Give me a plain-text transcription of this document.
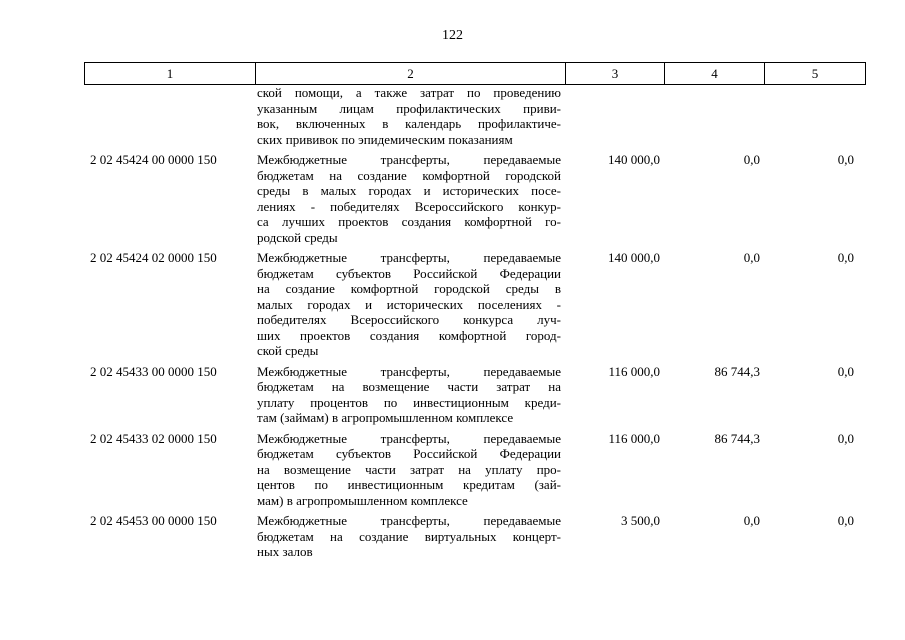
122
1	2	3	4	5
ской помощи, а также затрат по проведению
указанным лицам профилактических приви-
вок, включенных в календарь профилактиче-
ских прививок по эпидемическим показаниям
2 02 45424 00 0000 150	Межбюджетные трансферты, передаваемые
бюджетам на создание комфортной городской
среды в малых городах и исторических посе-
лениях - победителях Всероссийского конкур-
са лучших проектов создания комфортной го-
родской среды
140 000,0	0,0	0,0
2 02 45424 02 0000 150	Межбюджетные трансферты, передаваемые
бюджетам субъектов Российской Федерации
на создание комфортной городской среды в
малых городах и исторических поселениях -
победителях Всероссийского конкурса луч-
ших проектов создания комфортной город-
ской среды
140 000,0	0,0	0,0
2 02 45433 00 0000 150	Межбюджетные трансферты, передаваемые
бюджетам на возмещение части затрат на
уплату процентов по инвестиционным креди-
там (займам) в агропромышленном комплексе
116 000,0	86 744,3	0,0
2 02 45433 02 0000 150	Межбюджетные трансферты, передаваемые
бюджетам субъектов Российской Федерации
на возмещение части затрат на уплату про-
центов по инвестиционным кредитам (зай-
мам) в агропромышленном комплексе
116 000,0	86 744,3	0,0
2 02 45453 00 0000 150	Межбюджетные трансферты, передаваемые
бюджетам на создание виртуальных концерт-
ных залов
3 500,0	0,0	0,0
